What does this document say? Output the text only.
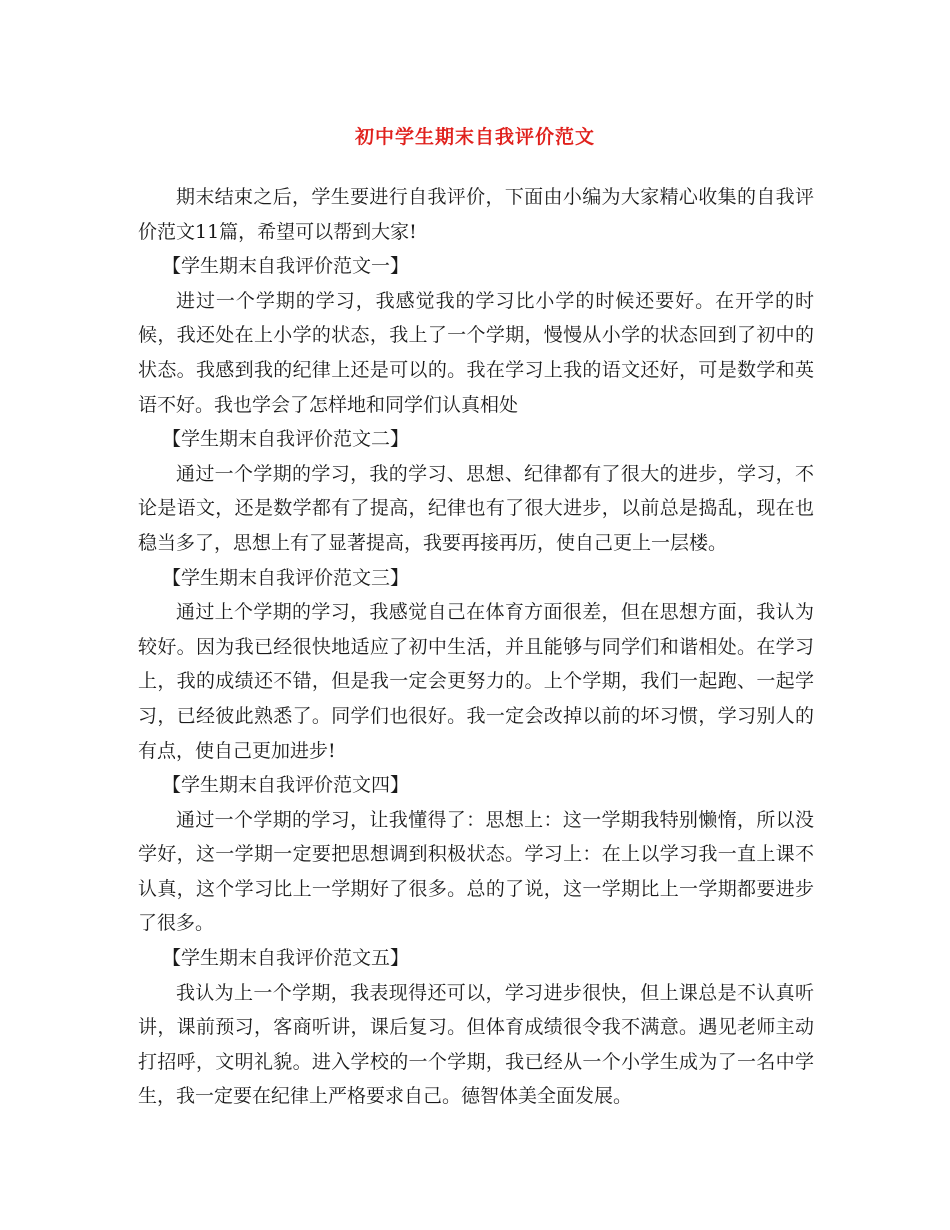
初中学生期末自我评价范文

期末结束之后，学生要进行自我评价，下面由小编为大家精心收集的自我评价范文11篇，希望可以帮到大家!

【学生期末自我评价范文一】

进过一个学期的学习，我感觉我的学习比小学的时候还要好。在开学的时候，我还处在上小学的状态，我上了一个学期，慢慢从小学的状态回到了初中的状态。我感到我的纪律上还是可以的。我在学习上我的语文还好，可是数学和英语不好。我也学会了怎样地和同学们认真相处

【学生期末自我评价范文二】

通过一个学期的学习，我的学习、思想、纪律都有了很大的进步，学习，不论是语文，还是数学都有了提高，纪律也有了很大进步，以前总是捣乱，现在也稳当多了，思想上有了显著提高，我要再接再历，使自己更上一层楼。

【学生期末自我评价范文三】

通过上个学期的学习，我感觉自己在体育方面很差，但在思想方面，我认为较好。因为我已经很快地适应了初中生活，并且能够与同学们和谐相处。在学习上，我的成绩还不错，但是我一定会更努力的。上个学期，我们一起跑、一起学习，已经彼此熟悉了。同学们也很好。我一定会改掉以前的坏习惯，学习别人的有点，使自己更加进步!

【学生期末自我评价范文四】

通过一个学期的学习，让我懂得了：思想上：这一学期我特别懒惰，所以没学好，这一学期一定要把思想调到积极状态。学习上：在上以学习我一直上课不认真，这个学习比上一学期好了很多。总的了说，这一学期比上一学期都要进步了很多。

【学生期末自我评价范文五】

我认为上一个学期，我表现得还可以，学习进步很快，但上课总是不认真听讲，课前预习，客商听讲，课后复习。但体育成绩很令我不满意。遇见老师主动打招呼，文明礼貌。进入学校的一个学期，我已经从一个小学生成为了一名中学生，我一定要在纪律上严格要求自己。德智体美全面发展。
